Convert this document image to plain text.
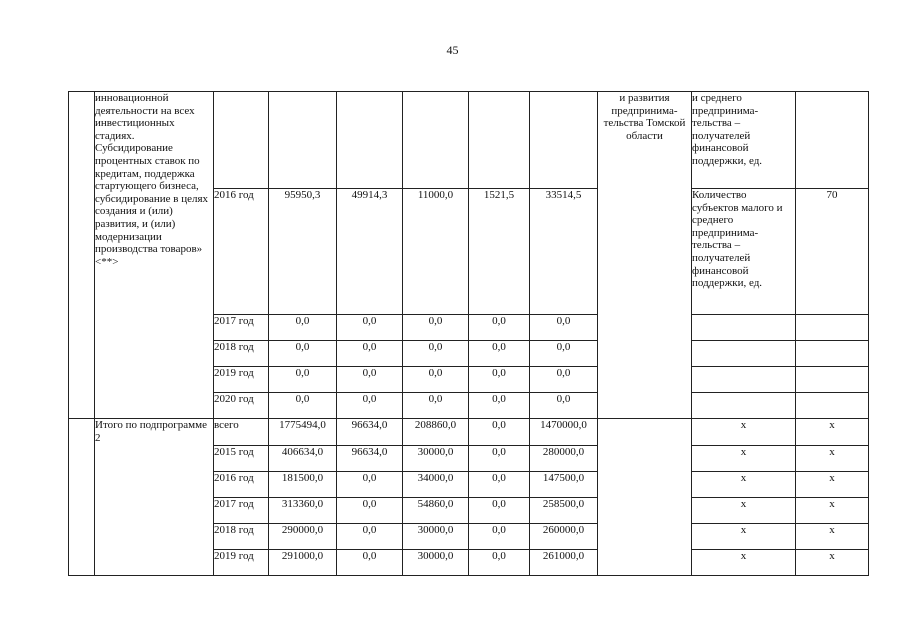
45
	инновационной деятельности на всех инвестиционных стадиях. Субсидирование процентных ставок по кредитам, поддержка стартующего бизнеса, субсидирование в целях создания и (или) развития, и (или) модернизации производства товаров» <**>							и развития предпринима-тельства Томской области	и среднего предпринима-тельства – получателей финансовой поддержки, ед.	
		2016 год	95950,3	49914,3	11000,0	1521,5	33514,5		Количество субъектов малого и среднего предпринима-тельства – получателей финансовой поддержки, ед.	70
		2017 год	0,0	0,0	0,0	0,0	0,0			
		2018 год	0,0	0,0	0,0	0,0	0,0			
		2019 год	0,0	0,0	0,0	0,0	0,0			
		2020 год	0,0	0,0	0,0	0,0	0,0			
	Итого по подпрограмме 2	всего	1775494,0	96634,0	208860,0	0,0	1470000,0		x	x
		2015 год	406634,0	96634,0	30000,0	0,0	280000,0		x	x
		2016 год	181500,0	0,0	34000,0	0,0	147500,0		x	x
		2017 год	313360,0	0,0	54860,0	0,0	258500,0		x	x
		2018 год	290000,0	0,0	30000,0	0,0	260000,0		x	x
		2019 год	291000,0	0,0	30000,0	0,0	261000,0		x	x
